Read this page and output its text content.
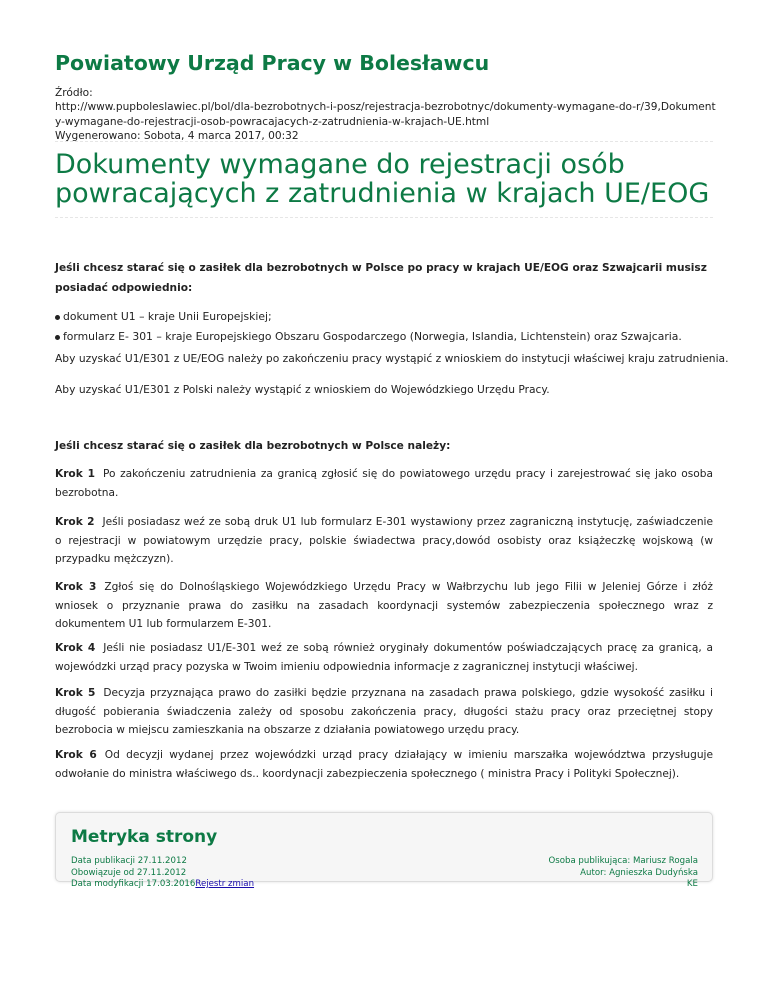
Powiatowy Urząd Pracy w Bolesławcu
Źródło:
http://www.pupboleslawiec.pl/bol/dla-bezrobotnych-i-posz/rejestracja-bezrobotnyc/dokumenty-wymagane-do-r/39,Dokument
y-wymagane-do-rejestracji-osob-powracajacych-z-zatrudnienia-w-krajach-UE.html
Wygenerowano: Sobota, 4 marca 2017, 00:32
Dokumenty wymagane do rejestracji osób
powracających z zatrudnienia w krajach UE/EOG
Jeśli chcesz starać się o zasiłek dla bezrobotnych w Polsce po pracy w krajach UE/EOG oraz Szwajcarii musisz
posiadać odpowiednio:
dokument U1 – kraje Unii Europejskiej;
formularz E- 301 – kraje Europejskiego Obszaru Gospodarczego (Norwegia, Islandia, Lichtenstein) oraz Szwajcaria.
Aby uzyskać U1/E301 z UE/EOG należy po zakończeniu pracy wystąpić z wnioskiem do instytucji właściwej kraju zatrudnienia.
Aby uzyskać U1/E301 z Polski należy wystąpić z wnioskiem do Wojewódzkiego Urzędu Pracy.
Jeśli chcesz starać się o zasiłek dla bezrobotnych w Polsce należy:
Krok 1 Po zakończeniu zatrudnienia za granicą zgłosić się do powiatowego urzędu pracy i zarejestrować się jako osoba bezrobotna.
Krok 2 Jeśli posiadasz weź ze sobą druk U1 lub formularz E-301 wystawiony przez zagraniczną instytucję, zaświadczenie o rejestracji w powiatowym urzędzie pracy, polskie świadectwa pracy,dowód osobisty oraz książeczkę wojskową (w przypadku mężczyzn).
Krok 3 Zgłoś się do Dolnośląskiego Wojewódzkiego Urzędu Pracy w Wałbrzychu lub jego Filii w Jeleniej Górze i złóż wniosek o przyznanie prawa do zasiłku na zasadach koordynacji systemów zabezpieczenia społecznego wraz z dokumentem U1 lub formularzem E-301.
Krok 4 Jeśli nie posiadasz U1/E-301 weź ze sobą również oryginały dokumentów poświadczających pracę za granicą, a wojewódzki urząd pracy pozyska w Twoim imieniu odpowiednia informacje z zagranicznej instytucji właściwej.
Krok 5 Decyzja przyznająca prawo do zasiłki będzie przyznana na zasadach prawa polskiego, gdzie wysokość zasiłku i długość pobierania świadczenia zależy od sposobu zakończenia pracy, długości stażu pracy oraz przeciętnej stopy bezrobocia w miejscu zamieszkania na obszarze z działania powiatowego urzędu pracy.
Krok 6 Od decyzji wydanej przez wojewódzki urząd pracy działający w imieniu marszałka województwa przysługuje odwołanie do ministra właściwego ds.. koordynacji zabezpieczenia społecznego ( ministra Pracy i Polityki Społecznej).
Metryka strony
Data publikacji 27.11.2012
Obowiązuje od 27.11.2012
Data modyfikacji 17.03.2016Rejestr zmian
Osoba publikująca: Mariusz Rogala
Autor: Agnieszka Dudyńska
KE
